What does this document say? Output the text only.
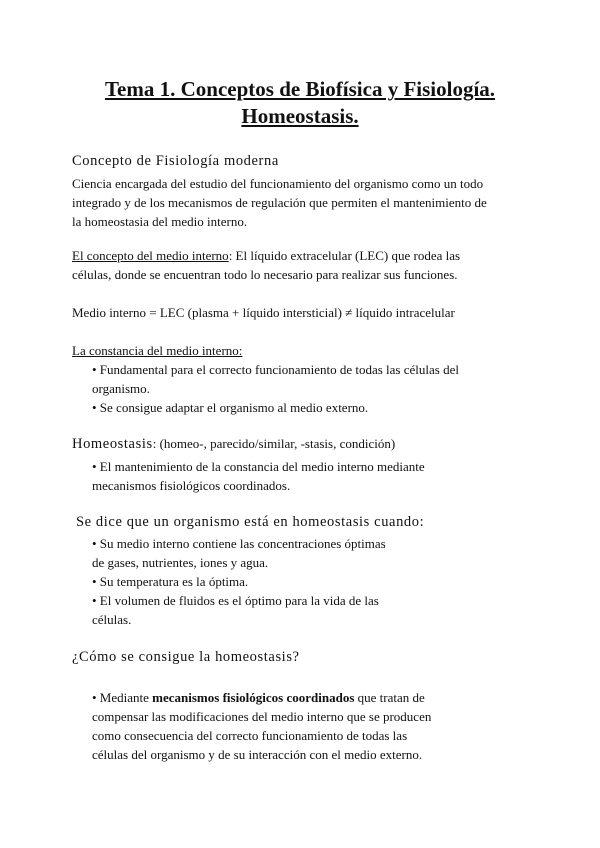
Tema 1. Conceptos de Biofísica y Fisiología.
Homeostasis.
Concepto de Fisiología moderna
Ciencia encargada del estudio del funcionamiento del organismo como un todo
integrado y de los mecanismos de regulación que permiten el mantenimiento de
la homeostasia del medio interno.
El concepto del medio interno: El líquido extracelular (LEC) que rodea las
células, donde se encuentran todo lo necesario para realizar sus funciones.
Medio interno = LEC (plasma + líquido intersticial) ≠ líquido intracelular
La constancia del medio interno:
• Fundamental para el correcto funcionamiento de todas las células del
organismo.
• Se consigue adaptar el organismo al medio externo.
Homeostasis: (homeo-, parecido/similar, -stasis, condición)
• El mantenimiento de la constancia del medio interno mediante
mecanismos fisiológicos coordinados.
Se dice que un organismo está en homeostasis cuando:
• Su medio interno contiene las concentraciones óptimas
de gases, nutrientes, iones y agua.
• Su temperatura es la óptima.
• El volumen de fluidos es el óptimo para la vida de las
células.
¿Cómo se consigue la homeostasis?
• Mediante mecanismos fisiológicos coordinados que tratan de
compensar las modificaciones del medio interno que se producen
como consecuencia del correcto funcionamiento de todas las
células del organismo y de su interacción con el medio externo.
